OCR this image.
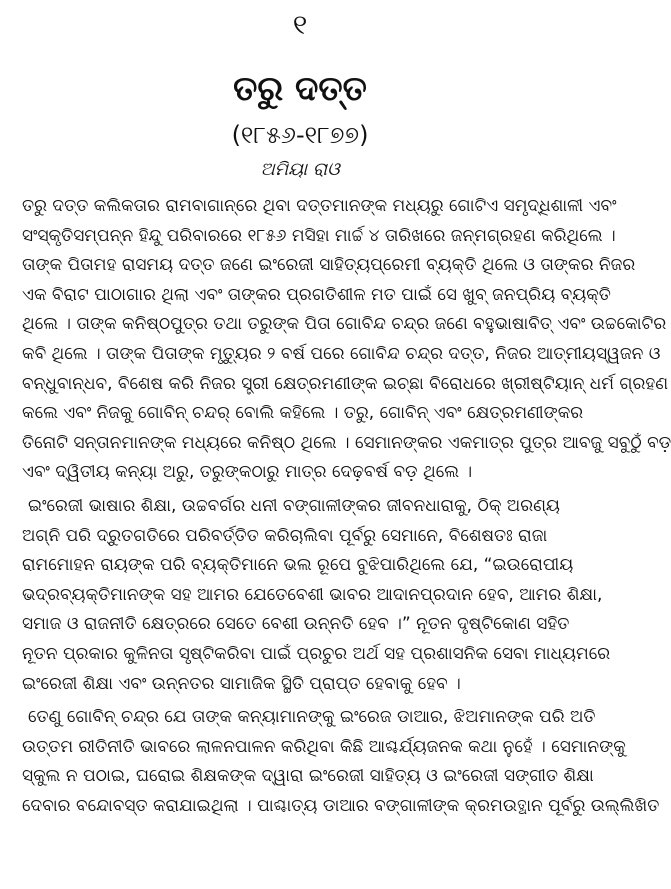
୧
ତରୁ ଦତ୍ତ
(୧୮୫୬-୧୮୭୭)
ଅମିୟା ରାଓ
ତରୁ ଦତ୍ତ କଲିକତାର ରାମବାଗାନ୍‌ରେ ଥିବା ଦତ୍ତମାନଙ୍କ ମଧ୍ୟରୁ ଗୋଟିଏ ସମୃଦ୍ଧିଶାଳୀ ଏବଂ
ସଂସ୍କୃତିସମ୍ପନ୍ନ ହିନ୍ଦୁ ପରିବାରରେ ୧୮୫୬ ମସିହା ମାର୍ଚ୍ଚ ୪ ତାରିଖରେ ଜନ୍ମଗ୍ରହଣ କରିଥିଲେ ।
ତାଙ୍କ ପିତାମହ ରାସମୟ ଦତ୍ତ ଜଣେ ଇଂରେଜୀ ସାହିତ୍ୟପ୍ରେମୀ ବ୍ୟକ୍ତି ଥିଲେ ଓ ତାଙ୍କର ନିଜର
ଏକ ବିରାଟ ପାଠାଗାର ଥିଲା ଏବଂ ତାଙ୍କର ପ୍ରଗତିଶୀଳ ମତ ପାଇଁ ସେ ଖୁବ୍ ଜନପ୍ରିୟ ବ୍ୟକ୍ତି
ଥିଲେ । ତାଙ୍କ କନିଷ୍ଠପୁତ୍ର ତଥା ତରୁଙ୍କ ପିତା ଗୋବିନ୍ଦ ଚନ୍ଦ୍ର ଜଣେ ବହୁଭାଷାବିତ୍ ଏବଂ ଉଚ୍ଚକୋଟିର
କବି ଥିଲେ । ତାଙ୍କ ପିତାଙ୍କ ମୃତ୍ୟୁର ୨ ବର୍ଷ ପରେ ଗୋବିନ୍ଦ ଚନ୍ଦ୍ର ଦତ୍ତ, ନିଜର ଆତ୍ମୀୟସ୍ୱଜନ ଓ
ବନ୍ଧୁବାନ୍ଧବ, ବିଶେଷ କରି ନିଜର ସ୍ତ୍ରୀ କ୍ଷେତ୍ରମଣୀଙ୍କ ଇଚ୍ଛା ବିରୋଧରେ ଖ୍ରୀଷ୍ଟିୟାନ୍ ଧର୍ମ ଗ୍ରହଣ
କଲେ ଏବଂ ନିଜକୁ ଗୋବିନ୍ ଚନ୍ଦର୍ ବୋଲି କହିଲେ । ତରୁ, ଗୋବିନ୍ ଏବଂ କ୍ଷେତ୍ରମଣୀଙ୍କର
ତିନୋଟି ସନ୍ତାନମାନଙ୍କ ମଧ୍ୟରେ କନିଷ୍ଠ ଥିଲେ । ସେମାନଙ୍କର ଏକମାତ୍ର ପୁତ୍ର ଆବଜୁ ସବୁଠୁଁ ବଡ଼
ଏବଂ ଦ୍ୱିତୀୟ କନ୍ୟା ଅରୁ, ତରୁଙ୍କଠାରୁ ମାତ୍ର ଦେଢ଼ବର୍ଷ ବଡ଼ ଥିଲେ ।
ଇଂରେଜୀ ଭାଷାର ଶିକ୍ଷା, ଉଚ୍ଚବର୍ଗର ଧନୀ ବଙ୍ଗାଳୀଙ୍କର ଜୀବନଧାରାକୁ, ଠିକ୍ ଅରଣ୍ୟ
ଅଗ୍ନି ପରି ଦ୍ରୁତଗତିରେ ପରିବର୍ତ୍ତିତ କରିଚାଲିବା ପୂର୍ବରୁ ସେମାନେ, ବିଶେଷତଃ ରାଜା
ରାମମୋହନ ରାୟଙ୍କ ପରି ବ୍ୟକ୍ତିମାନେ ଭଲ ରୂପେ ବୁଝିପାରିଥିଲେ ଯେ, “ଇଉରୋପୀୟ
ଭଦ୍ରବ୍ୟକ୍ତିମାନଙ୍କ ସହ ଆମର ଯେତେବେଶୀ ଭାବର ଆଦାନପ୍ରଦାନ ହେବ, ଆମର ଶିକ୍ଷା,
ସମାଜ ଓ ରାଜନୀତି କ୍ଷେତ୍ରରେ ସେତେ ବେଶୀ ଉନ୍ନତି ହେବ ।” ନୂତନ ଦୃଷ୍ଟିକୋଣ ସହିତ
ନୂତନ ପ୍ରକାର କୁଳିନତା ସୃଷ୍ଟିକରିବା ପାଇଁ ପ୍ରଚୁର ଅର୍ଥ ସହ ପ୍ରଶାସନିକ ସେବା ମାଧ୍ୟମରେ
ଇଂରେଜୀ ଶିକ୍ଷା ଏବଂ ଉନ୍ନତର ସାମାଜିକ ସ୍ଥିତି ପ୍ରାପ୍ତ ହେବାକୁ ହେବ ।
ତେଣୁ ଗୋବିନ୍ ଚନ୍ଦ୍ର ଯେ ତାଙ୍କ କନ୍ୟାମାନଙ୍କୁ ଇଂରେଜ ଡାଆର, ଝିଅମାନଙ୍କ ପରି ଅତି
ଉତ୍ତମ ରୀତିନୀତି ଭାବରେ ଲାଳନପାଳନ କରିଥିବା କିଛି ଆଶ୍ଚର୍ଯ୍ୟଜନକ କଥା ନୁହେଁ । ସେମାନଙ୍କୁ
ସ୍କୁଲ ନ ପଠାଇ, ଘରୋଇ ଶିକ୍ଷକଙ୍କ ଦ୍ୱାରା ଇଂରେଜୀ ସାହିତ୍ୟ ଓ ଇଂରେଜୀ ସଙ୍ଗୀତ ଶିକ୍ଷା
ଦେବାର ବନ୍ଦୋବସ୍ତ କରାଯାଇଥିଲା । ପାଶ୍ଚାତ୍ୟ ଡାଆର ବଙ୍ଗାଳୀଙ୍କ କ୍ରମଉତ୍ଥାନ ପୂର୍ବରୁ ଉଲ୍ଲିଖିତ
